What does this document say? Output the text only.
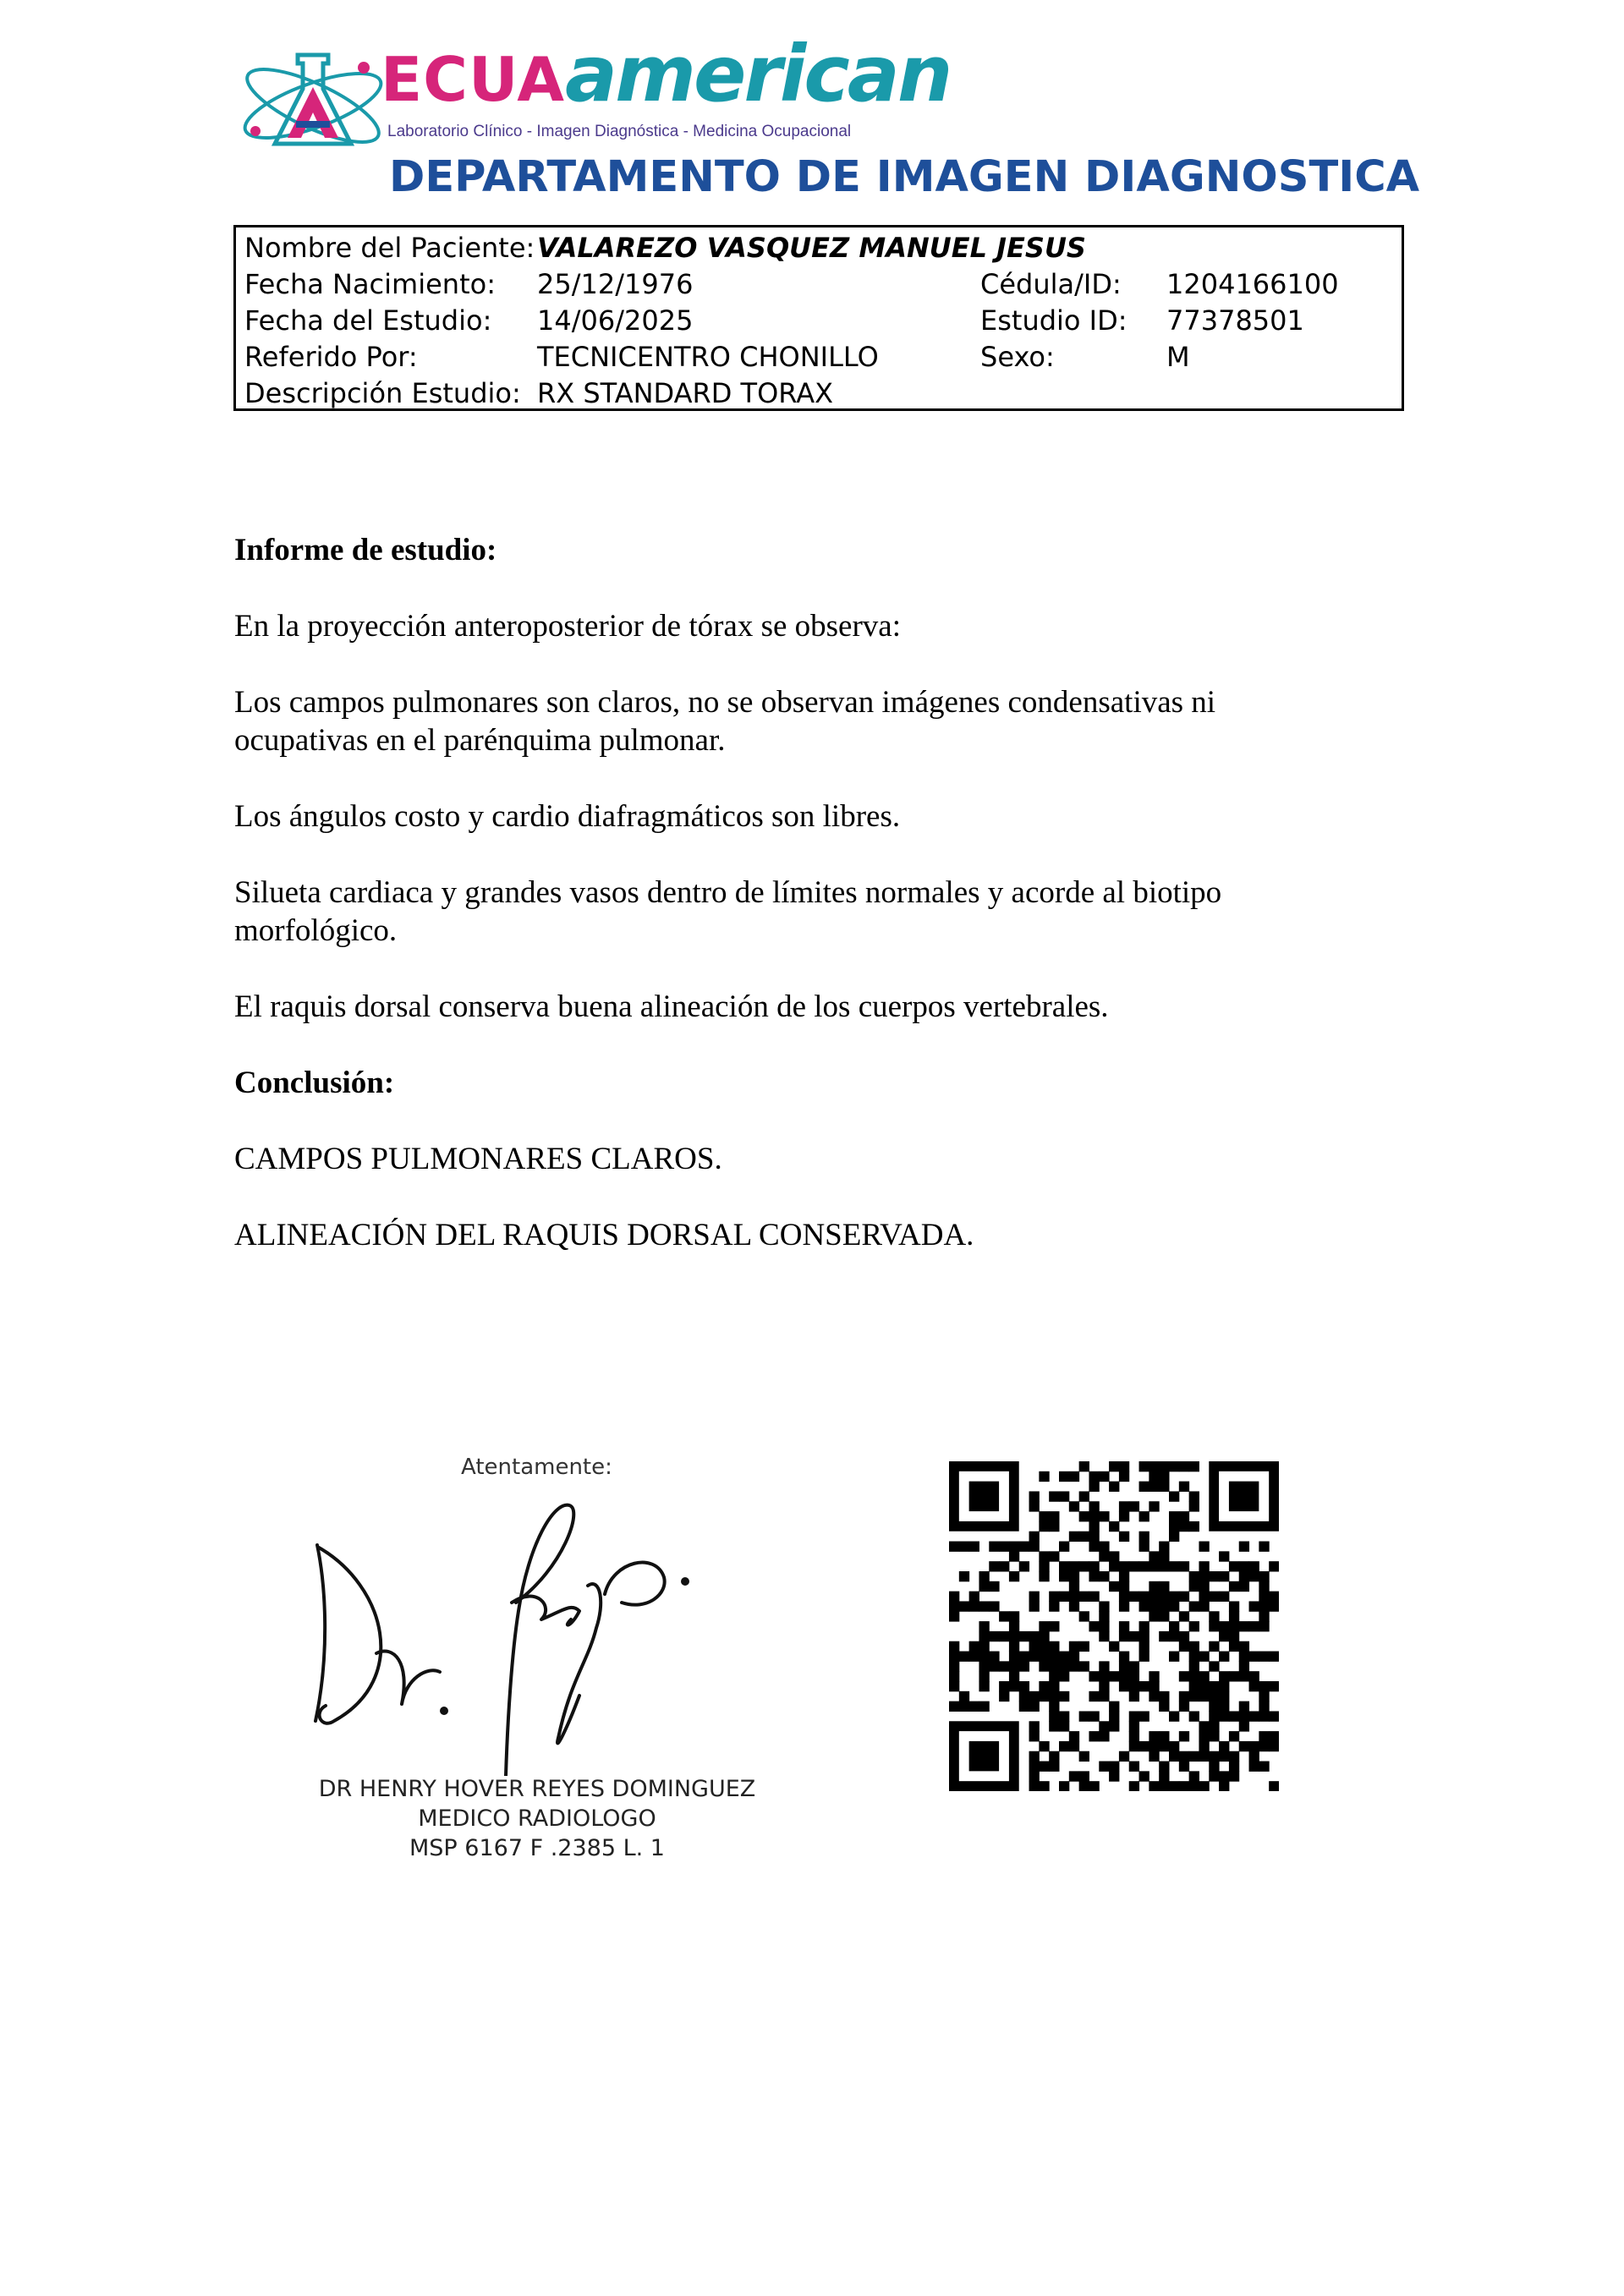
ECUAamerican
Laboratorio Clínico - Imagen Diagnóstica - Medicina Ocupacional
DEPARTAMENTO DE IMAGEN DIAGNOSTICA
Nombre del Paciente: VALAREZO VASQUEZ MANUEL JESUS
Fecha Nacimiento: 25/12/1976	Cédula/ID: 1204166100
Fecha del Estudio: 14/06/2025	Estudio ID: 77378501
Referido Por:	TECNICENTRO CHONILLO	Sexo:	M
Descripción Estudio: RX STANDARD TORAX
Informe de estudio:
En la proyección anteroposterior de tórax se observa:
Los campos pulmonares son claros, no se observan imágenes condensativas ni ocupativas en el parénquima pulmonar.
Los ángulos costo y cardio diafragmáticos son libres.
Silueta cardiaca y grandes vasos dentro de límites normales y acorde al biotipo morfológico.
El raquis dorsal conserva buena alineación de los cuerpos vertebrales.
Conclusión:
CAMPOS PULMONARES CLAROS.
ALINEACIÓN DEL RAQUIS DORSAL CONSERVADA.
Atentamente:
DR HENRY HOVER REYES DOMINGUEZ
MEDICO RADIOLOGO
MSP 6167 F .2385 L. 1
